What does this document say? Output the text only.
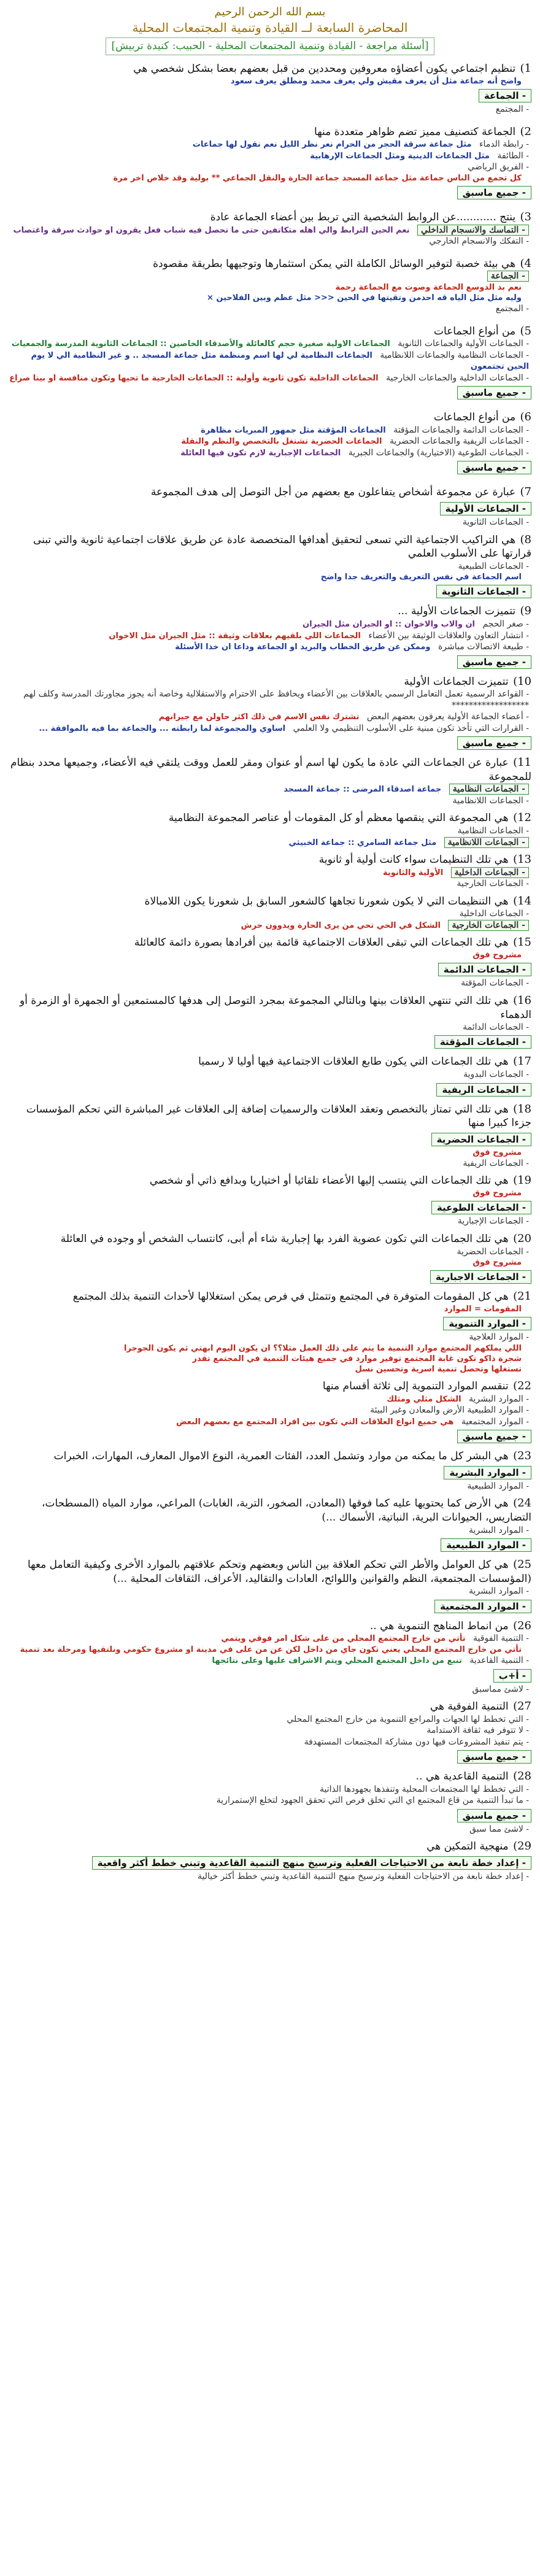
بسم الله الرحمن الرحيم
المحاضرة السابعة لــ القيادة وتنمية المجتمعات المحلية
[أسئلة مراجعة - القيادة وتنمية المجتمعات المحلية - الحبيب: كنيدة تربيش]
1) تنظيم اجتماعي يكون أعضاؤه معروفين ومحددين من قبل بعضهم بعضا بشكل شخصي هي
واضح أنه جماعة مثل أن يعرف مقيش ولي يعرف محمد ومطلق يعرف سعود
- الجماعة
- المجتمع
2) الجماعة كتصنيف مميز تضم ظواهر متعددة منها
- رابطة الدماء مثل جماعة سرقة الحجر من الحرام نعر نظر الليل نعم نقول لها جماعات
- الطائفة مثل الجماعات الدينية ومثل الجماعات الإرهابية
- الفريق الرياضي
كل تجمع من الناس جماعة مثل جماعة المسجد جماعة الحارة والنقل الجماعي ** بولية وقد خلاص اخر مرة
- جميع ماسبق
3) ينتج ............عن الروابط الشخصية التي تربط بين أعضاء الجماعة عادة
- التماسك والانسجام الداخلي نعم الحين الترابط والي اهله متكاتفين حتى ما تحصل فيه شباب فعل يقرون او حوادث سرقة واغتصاب
- التفكك والانسجام الخارجي
4) هي بيئة خصبة لتوفير الوسائل الكاملة التي يمكن استثمارها وتوجيهها بطريقة مقصودة
- الجماعة
نعم بد الدوسع الجماعة وصوت مع الجماعة رحمة
وليه مثل مثل الياه قه احدمن وتقيتها في الحين <<< مثل عظم وبين الفلاحين ×
- المجتمع
5) من أنواع الجماعات
- الجماعات الأولية والجماعات الثانوية الجماعات الاولية صغيرة حجم كالعائلة والأصدقاء الخاصين :: الجماعات الثانوية المدرسة والجمعيات
- الجماعات النظامية والجماعات اللانظامية الجماعات النظامية لي لها اسم ومنظمة مثل جماعة المسجد .. و غير النظامية الي لا يوم الحين تجتمعون
- الجماعات الداخلية والجماعات الخارجية الجماعات الداخلية تكون ثانوية وأولية :: الجماعات الخارجية ما تحيها وتكون منافسة او بينا صراع
- جميع ماسبق
6) من أنواع الجماعات
- الجماعات الدائمة والجماعات المؤقتة الجماعات المؤقتة مثل جمهور المبريات مظاهرة
- الجماعات الريفية والجماعات الحضرية الجماعات الحضرية تشتغل بالتخصص والنظم والنقلة
- الجماعات الطوعية (الاختيارية) والجماعات الجبرية الجماعات الإجبارية لازم تكون فيها العائلة
- جميع ماسبق
7) عبارة عن مجموعة أشخاص يتفاعلون مع بعضهم من أجل التوصل إلى هدف المجموعة
- الجماعات الأولية
- الجماعات الثانوية
8) هي التراكيب الاجتماعية التي تسعى لتحقيق أهدافها المتخصصة عادة عن طريق علاقات اجتماعية ثانوية والتي تبنى قرارتها على الأسلوب العلمي
- الجماعات الطبيعية
اسم الجماعة في نفس التعريف والتعريف جدا واضح
- الجماعات الثانوية
9) تتميزت الجماعات الأولية ...
- صغر الحجم ان والاب والاخوان :: او الجيران مثل الجيران
- انتشار التعاون والعلاقات الوثيقة بين الأعضاء الجماعات اللي بلقيهم بعلاقات وثيقة :: مثل الجيران مثل الاخوان
- طبيعة الاتصالات مباشرة وممكن عن طريق الخطاب والبريد او الجماعة وداعا ان خذا الأسئلة
- جميع ماسبق
10) تتميزت الجماعات الأولية
- القواعد الرسمية تعمل التعامل الرسمي بالعلاقات بين الأعضاء ويحافظ على الاحترام والاستقلالية وخاصة أنه يجوز مجاورتك المدرسة وكلف لهم ******************
- أعضاء الجماعة الأولية يعرفون بعضهم البعض تشترك نفس الاسم في ذلك اكثر حاولن مع جيرانهم
- القرارات التي تأخذ تكون مبنية على الأسلوب التنظيمي ولا العلمي اساوي والمجموعة لما رابطته ... والجماعة بما فيه بالموافقة ...
- جميع ماسبق
11) عبارة عن الجماعات التي عادة ما يكون لها اسم أو عنوان ومقر للعمل ووقت يلتقي فيه الأعضاء، وجميعها محدد بنظام للمجموعة
- الجماعات النظامية جماعة اصدقاء المرضى :: جماعة المسجد
- الجماعات اللانظامية
12) هي المجموعة التي ينقصها معظم أو كل المقومات أو عناصر المجموعة النظامية
- الجماعات النظامية
- الجماعات اللانظامية مثل جماعة السامري :: جماعة الخبيثي
13) هي تلك التنظيمات سواء كانت أولية أو ثانوية
- الجماعات الداخلية الأولية والثانوية
- الجماعات الخارجية
14) هي التنظيمات التي لا يكون شعورنا تجاهها كالشعور السابق بل شعورنا يكون اللامبالاة
- الجماعات الداخلية
- الجماعات الخارجية الشكل في الحي تحي من يرى الحارة ويدوون حرش
15) هي تلك الجماعات التي تبقى العلاقات الاجتماعية قائمة بين أفرادها بصورة دائمة كالعائلة
مشروح فوق
- الجماعات الدائمة
- الجماعات المؤقتة
16) هي تلك التي تنتهي العلاقات بينها وبالتالي المجموعة بمجرد التوصل إلى هدفها كالمستمعين أو الجمهرة أو الزمرة أو الدهماء
- الجماعات الدائمة
- الجماعات المؤقتة
17) هي تلك الجماعات التي يكون طابع العلاقات الاجتماعية فيها أوليا لا رسميا
- الجماعات البدوية
- الجماعات الريفية
18) هي تلك التي تمتاز بالتخصص وتعقد العلاقات والرسميات إضافة إلى العلاقات غير المباشرة التي تحكم المؤسسات جزءا كبيرا منها
- الجماعات الحضرية
مشروح فوق
- الجماعات الريفية
19) هي تلك الجماعات التي ينتسب إليها الأعضاء تلقائيا أو اختياريا وبدافع ذاتي أو شخصي
مشروح فوق
- الجماعات الطوعية
- الجماعات الإجبارية
20) هي تلك الجماعات التي تكون عضوية الفرد بها إجبارية شاء أم أبى، كانتساب الشخص أو وجوده في العائلة
- الجماعات الحضرية
مشروح فوق
- الجماعات الاجبارية
21) هي كل المقومات المتوفرة في المجتمع وتتمثل في فرص يمكن استغلالها لأحداث التنمية بذلك المجتمع
المقومات = الموارد
- الموارد التنموية
- الموارد العلاجية
اللي يملكهم المجتمع موارد التنمية ما يتم على ذلك العمل مثلا؟؟ ان يكون اليوم ابهتي ثم يكون الجوجرا
شجرة ذاكو تكون غابة المجتمع توفير موارد في جميع هيئات التنمية في المجتمع تقدر
تستغلها وتحصل تنمية اسرية وتحسين نسل
22) تنقسم الموارد التنموية إلى ثلاثة أقسام منها
- الموارد البشرية الشكل مثلي ومثلك
- الموارد الطبيعية الأرض والمعادن وغير البيئة
- الموارد المجتمعية هي جميع انواع العلاقات التي تكون بين افراد المجتمع مع بعضهم البعض
- جميع ماسبق
23) هي البشر كل ما يمكنه من موارد وتشمل العدد، الفئات العمرية، النوع الاموال المعارف، المهارات، الخبرات
- الموارد البشرية
- الموارد الطبيعية
24) هي الأرض كما يحتويها عليه كما فوقها (المعادن، الصخور، التربة، الغابات) المراعي، موارد المياه (المسطحات، التضاريس، الحيوانات البرية، النباتية، الأسماك ...)
- الموارد البشرية
- الموارد الطبيعية
25) هي كل العوامل والأطر التي تحكم العلاقة بين الناس وبعضهم وتحكم علاقتهم بالموارد الأخرى وكيفية التعامل معها (المؤسسات المجتمعية، النظم والقوانين واللوائح، العادات والتقاليد، الأعراف، الثقافات المحلية ...)
- الموارد البشرية
- الموارد المجتمعية
26) من انماط المناهج التنموية هي ..
- التنمية الفوقية تأتي من خارج المجتمع المحلي من على شكل امر فوقي ويتمي
تأتي من خارج المجتمع المحلي يعني تكون جاي من داخل لكن عن من على في مدينة او مشروع حكومي ونلتقيها ومرحلة بعد تنمية
- التنمية القاعدية تنبع من داخل المجتمع المحلي ويتم الاشراف عليها وعلى نتائجها
- أ+ب
- لاشئ مماسبق
27) التنمية الفوقية هي
- التي تخطط لها الجهات والمراجع التنموية من خارج المجتمع المحلي
- لا تتوفر فيه ثقافة الاستدامة
- يتم تنفيذ المشروعات فيها دون مشاركة المجتمعات المستهدفة
- جميع ماسبق
28) التنمية القاعدية هي ..
- التي تخطط لها المجتمعات المحلية وتنفذها بجهودها الذاتية
- ما تبدأ التنمية من قاع المجتمع اي التي تخلق فرص التي تحقق الجهود لتخلع الإستمرارية
- جميع ماسبق
- لاشئ مما سبق
29) منهجية التمكين هي
- إعداد خطة نابعة من الاحتياجات الفعلية وترسيخ منهج التنمية القاعدية وتبني خطط أكثر واقعية
- إعداد خطة نابعة من الاحتياجات الفعلية وترسيخ منهج التنمية القاعدية وتبني خطط أكثر خيالية
